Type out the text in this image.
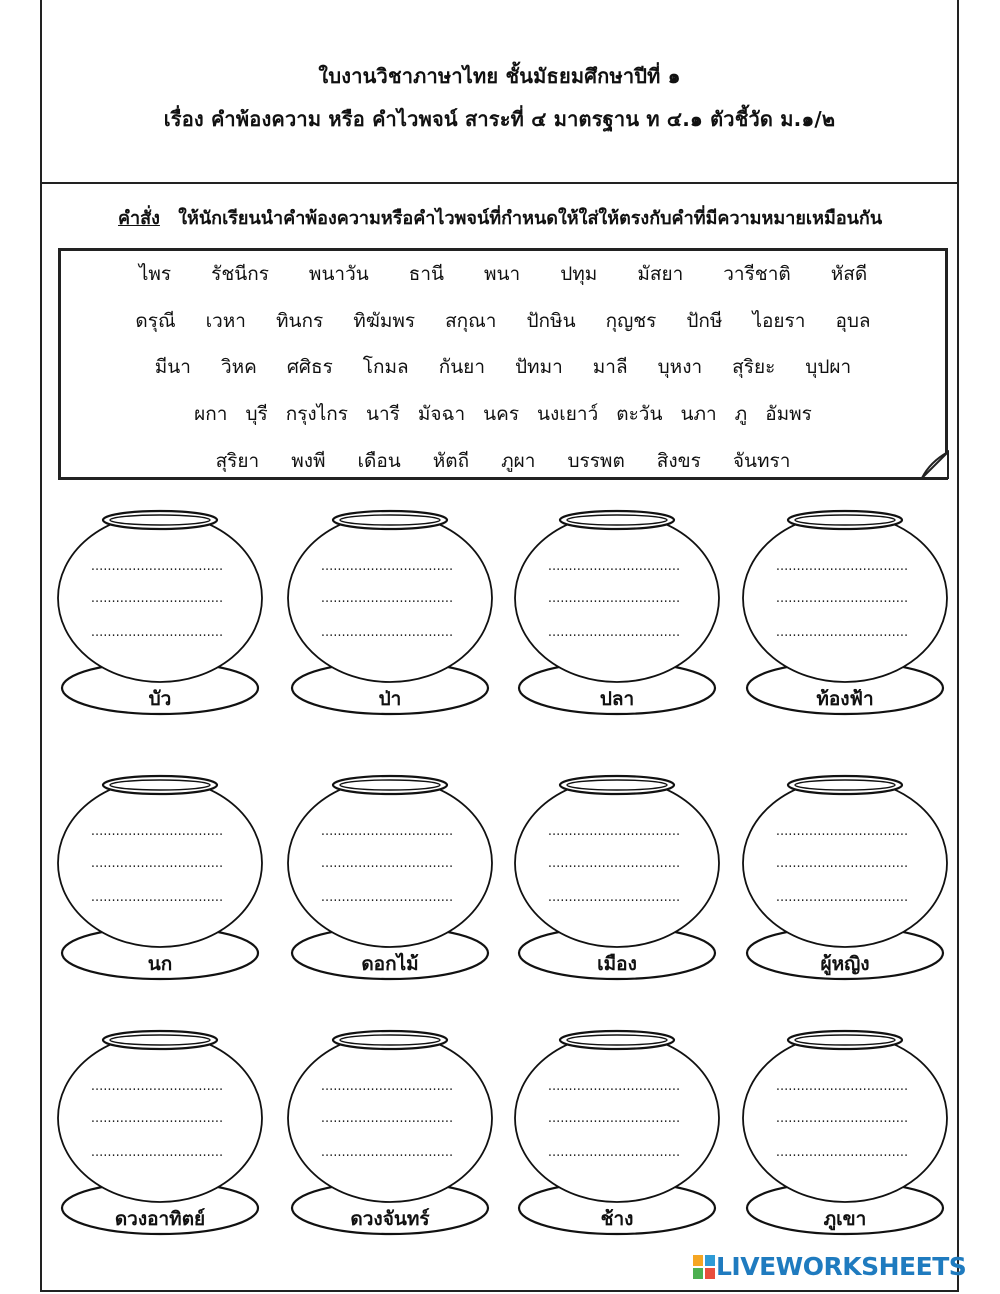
ใบงานวิชาภาษาไทย ชั้นมัธยมศึกษาปีที่ ๑
เรื่อง คำพ้องความ หรือ คำไวพจน์ สาระที่ ๔ มาตรฐาน ท ๔.๑ ตัวชี้วัด ม.๑/๒
คำสั่ง ให้นักเรียนนำคำพ้องความหรือคำไวพจน์ที่กำหนดให้ใส่ให้ตรงกับคำที่มีความหมายเหมือนกัน
ไพร รัชนีกร พนาวัน ธานี พนา ปทุม มัสยา วารีชาติ หัสดี
ดรุณี เวหา ทินกร ทิฆัมพร สกุณา ปักษิน กุญชร ปักษี ไอยรา อุบล
มีนา วิหค ศศิธร โกมล กันยา ปัทมา มาลี บุหงา สุริยะ บุปผา
ผกา บุรี กรุงไกร นารี มัจฉา นคร นงเยาว์ ตะวัน นภา ภู อัมพร
สุริยา พงพี เดือน หัตถี ภูผา บรรพต สิงขร จันทรา
................................
................................
................................
................................
................................
................................
................................
................................
................................
................................
................................
................................
................................
................................
................................
................................
................................
................................
................................
................................
................................
................................
................................
................................
................................
................................
................................
................................
................................
................................
................................
................................
................................
................................
................................
................................
บัว	ป่า	ปลา	ท้องฟ้า
นก	ดอกไม้	เมือง	ผู้หญิง
ดวงอาทิตย์	ดวงจันทร์	ช้าง	ภูเขา
LIVEWORKSHEETS
